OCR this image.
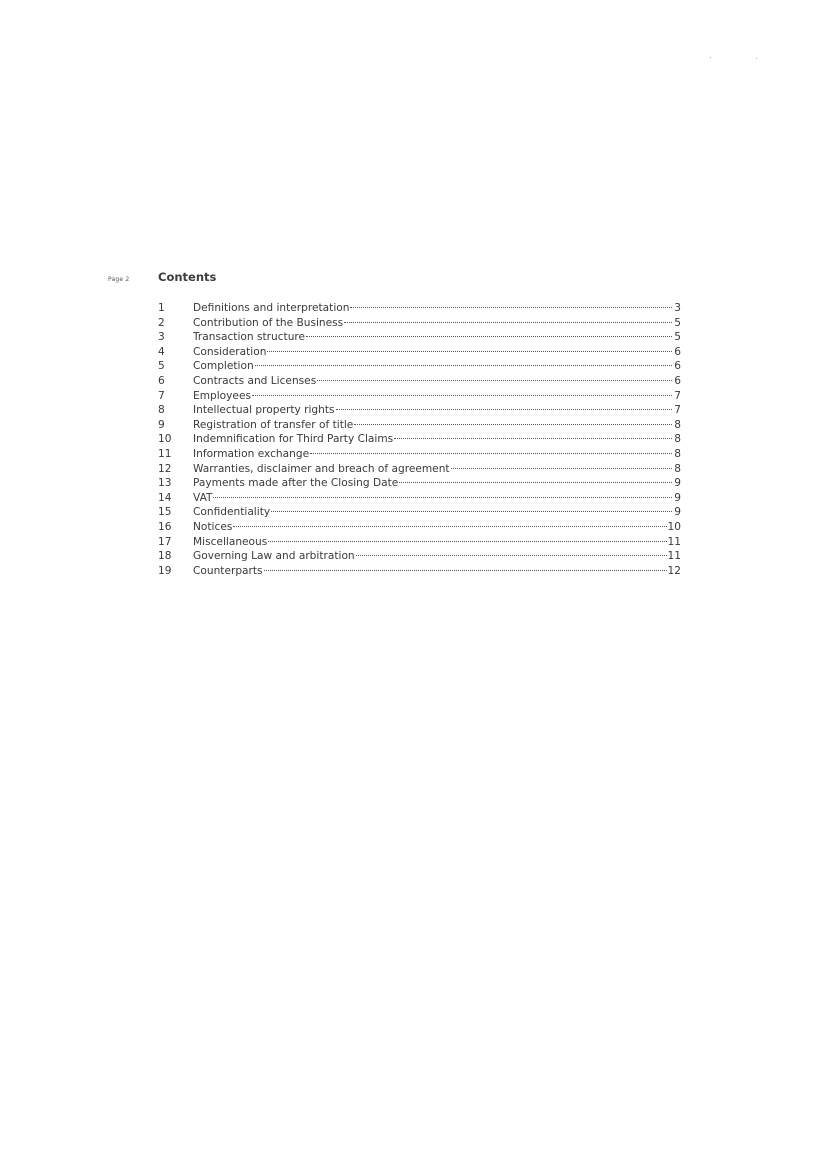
Page 2 Contents
1	Definitions and interpretation	3
2	Contribution of the Business	5
3	Transaction structure	5
4	Consideration	6
5	Completion	6
6	Contracts and Licenses	6
7	Employees	7
8	Intellectual property rights	7
9	Registration of transfer of title	8
10	Indemnification for Third Party Claims	8
11	Information exchange	8
12	Warranties, disclaimer and breach of agreement	8
13	Payments made after the Closing Date	9
14	VAT	9
15	Confidentiality	9
16	Notices	10
17	Miscellaneous	11
18	Governing Law and arbitration	11
19	Counterparts	12
